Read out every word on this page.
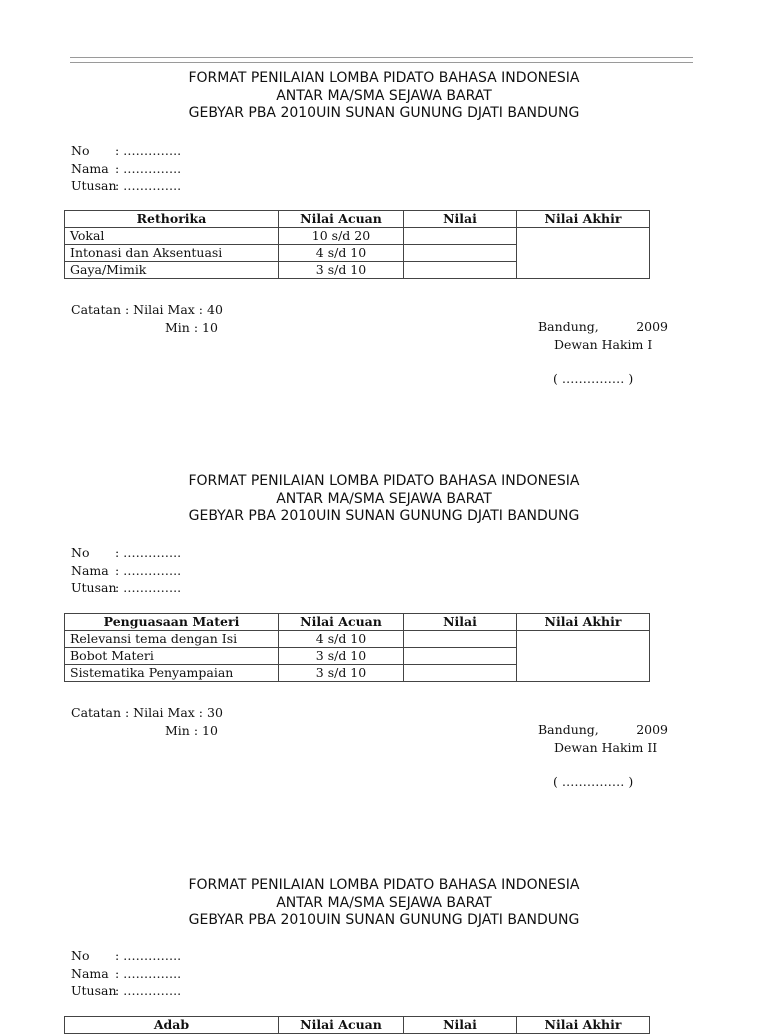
FORMAT PENILAIAN LOMBA PIDATO BAHASA INDONESIA
ANTAR MA/SMA SEJAWA BARAT
GEBYAR PBA 2010UIN SUNAN GUNUNG DJATI BANDUNG
No	: …………..
Nama : …………..
Utusan
: …………..
Rethorika	Nilai Acuan	Nilai	Nilai Akhir
Vokal	10 s/d 20		
Intonasi dan Aksentuasi	4 s/d 10		
Gaya/Mimik	3 s/d 10		
Catatan : Nilai Max : 40
Min : 10	Bandung,	2009
Dewan Hakim I
( …………… )
FORMAT PENILAIAN LOMBA PIDATO BAHASA INDONESIA
ANTAR MA/SMA SEJAWA BARAT
GEBYAR PBA 2010UIN SUNAN GUNUNG DJATI BANDUNG
No	: …………..
Nama : …………..
Utusan
: …………..
Penguasaan Materi	Nilai Acuan	Nilai	Nilai Akhir
Relevansi tema dengan Isi	4 s/d 10		
Bobot Materi	3 s/d 10		
Sistematika Penyampaian	3 s/d 10		
Catatan : Nilai Max : 30
Min : 10	Bandung,	2009
Dewan Hakim II
( …………… )
FORMAT PENILAIAN LOMBA PIDATO BAHASA INDONESIA
ANTAR MA/SMA SEJAWA BARAT
GEBYAR PBA 2010UIN SUNAN GUNUNG DJATI BANDUNG
No	: …………..
Nama : …………..
Utusan
: …………..
Adab	Nilai Acuan	Nilai	Nilai Akhir
